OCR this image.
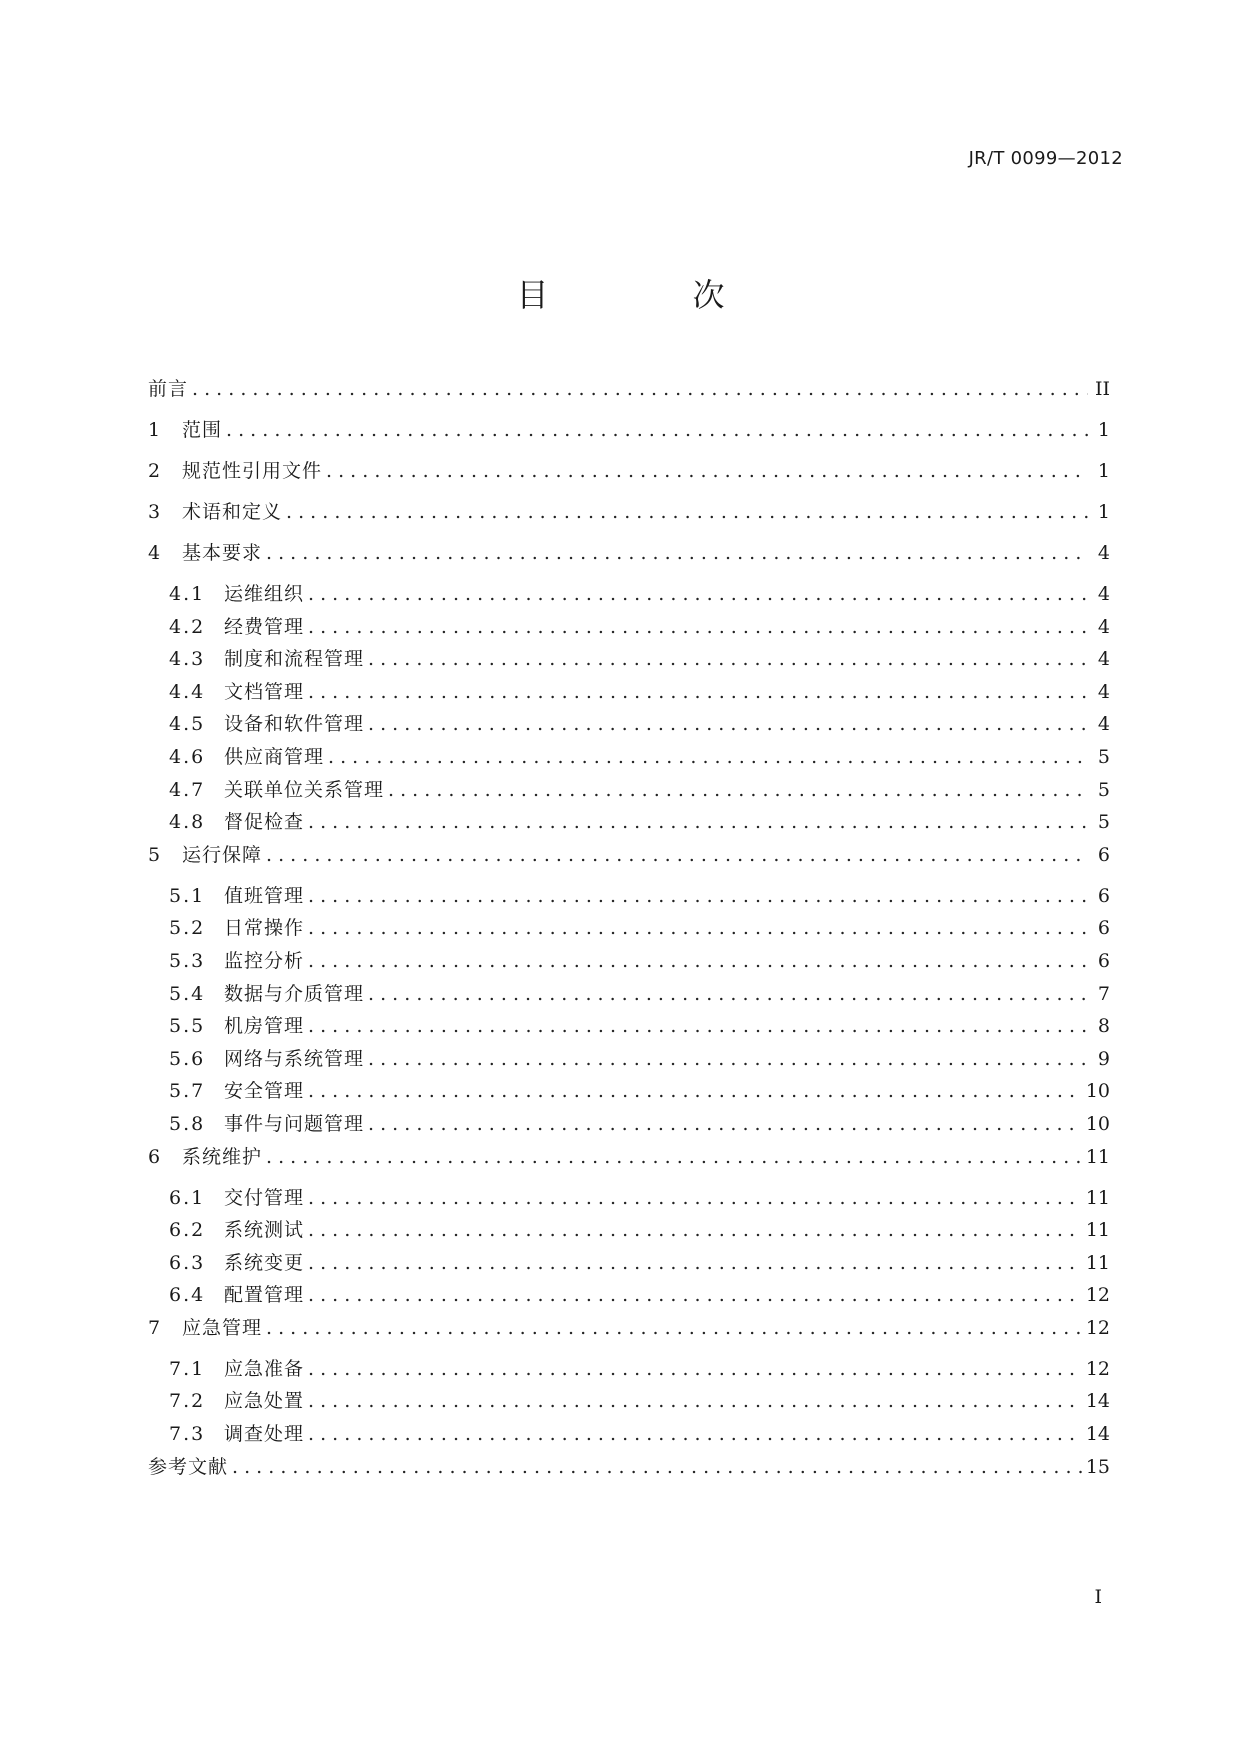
JR/T 0099—2012
目　次
前言 . . .	II
1	范围 . . .	1
2	规范性引用文件 . . .	1
3	术语和定义 . . .	1
4	基本要求 . . .	4
4.1 运维组织 . . .	4
4.2 经费管理 . . .	4
4.3 制度和流程管理 . . .	4
4.4 文档管理 . . .	4
4.5 设备和软件管理 . . .	4
4.6 供应商管理 . . .	5
4.7 关联单位关系管理 . . .	5
4.8 督促检查 . . .	5
5	运行保障 . . .	6
5.1 值班管理 . . .	6
5.2 日常操作 . . .	6
5.3 监控分析 . . .	6
5.4 数据与介质管理 . . .	7
5.5 机房管理 . . .	8
5.6 网络与系统管理 . . .	9
5.7 安全管理 . . .	10
5.8 事件与问题管理 . . .	10
6	系统维护 . . .	11
6.1 交付管理 . . .	11
6.2 系统测试 . . .	11
6.3 系统变更 . . .	11
6.4 配置管理 . . .	12
7	应急管理 . . .	12
7.1 应急准备 . . .	12
7.2 应急处置 . . .	14
7.3 调查处理 . . .	14
参考文献 . . .	15
I
